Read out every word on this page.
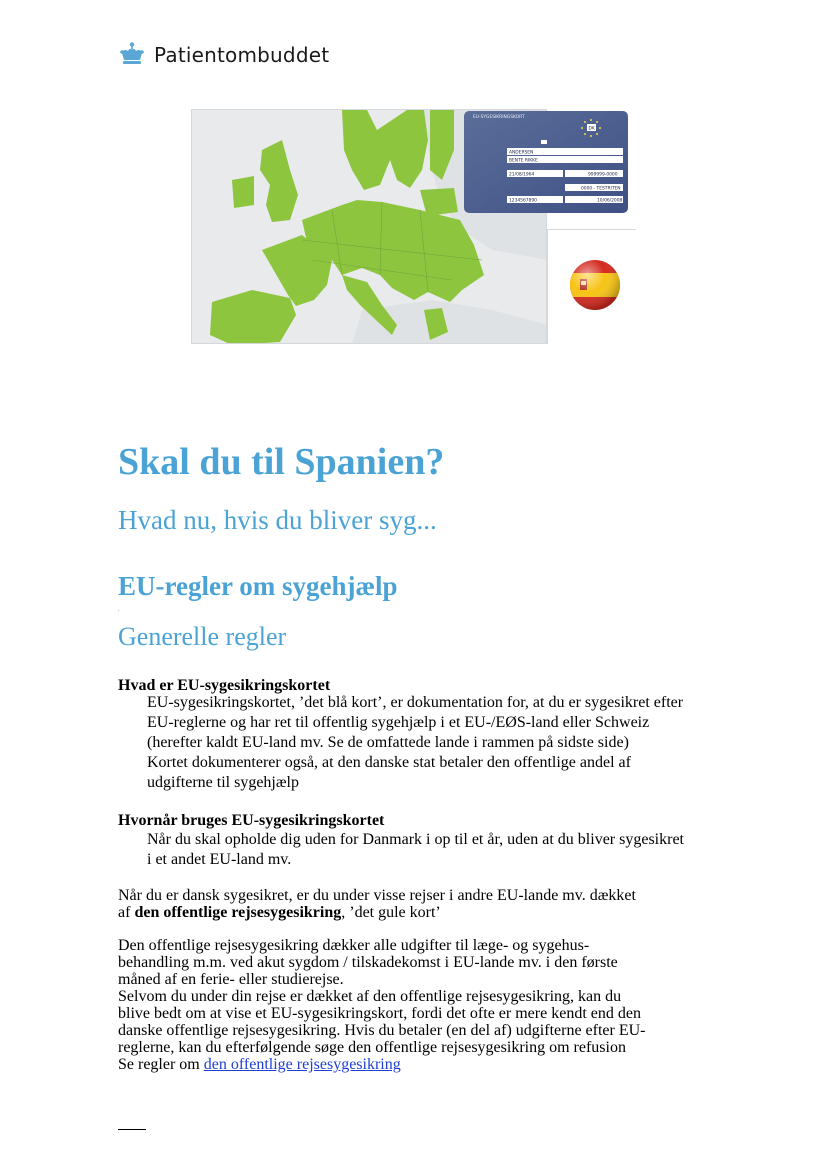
Patientombuddet
EU-SYGESIKRINGSKORT
DK
ANDERSEN
BENTE RIKKE
21/08/1964	999999-0000
0000 - TESTRITEN
1234567890	10/06/2008
Skal du til Spanien?
Hvad nu, hvis du bliver syg...
EU-regler om sygehjælp
.
Generelle regler
Hvad er EU-sygesikringskortet
EU-sygesikringskortet, ’det blå kort’, er dokumentation for, at du er sygesikret efter
EU-reglerne og har ret til offentlig sygehjælp i et EU-/EØS-land eller Schweiz
(herefter kaldt EU-land mv. Se de omfattede lande i rammen på sidste side)
Kortet dokumenterer også, at den danske stat betaler den offentlige andel af
udgifterne til sygehjælp
Hvornår bruges EU-sygesikringskortet
Når du skal opholde dig uden for Danmark i op til et år, uden at du bliver sygesikret
i et andet EU-land mv.
Når du er dansk sygesikret, er du under visse rejser i andre EU-lande mv. dækket
af den offentlige rejsesygesikring, ’det gule kort’
Den offentlige rejsesygesikring dækker alle udgifter til læge- og sygehus-
behandling m.m. ved akut sygdom / tilskadekomst i EU-lande mv. i den første
måned af en ferie- eller studierejse.
Selvom du under din rejse er dækket af den offentlige rejsesygesikring, kan du
blive bedt om at vise et EU-sygesikringskort, fordi det ofte er mere kendt end den
danske offentlige rejsesygesikring. Hvis du betaler (en del af) udgifterne efter EU-
reglerne, kan du efterfølgende søge den offentlige rejsesygesikring om refusion
Se regler om den offentlige rejsesygesikring
